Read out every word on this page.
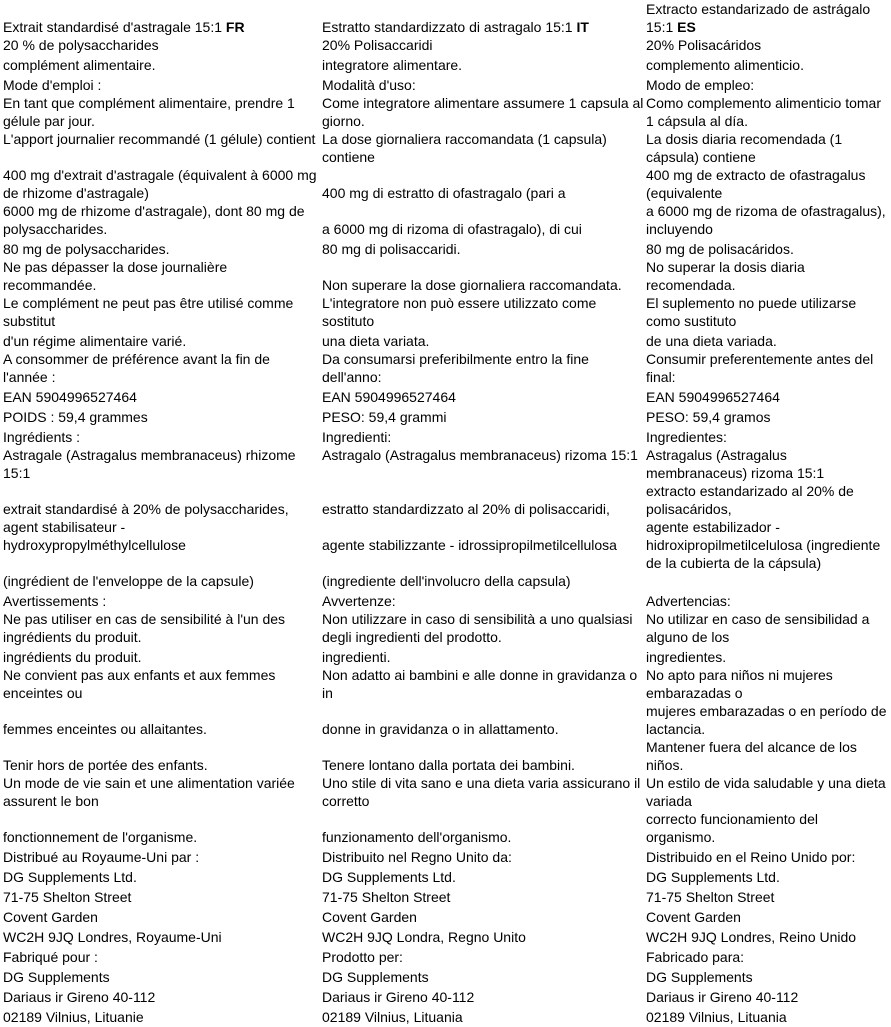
Extrait standardisé d'astragale 15:1 FR
20 % de polysaccharides
complément alimentaire.
Mode d'emploi :
En tant que complément alimentaire, prendre 1 gélule par jour.
L'apport journalier recommandé (1 gélule) contient
400 mg d'extrait d'astragale (équivalent à 6000 mg de rhizome d'astragale)
6000 mg de rhizome d'astragale), dont 80 mg de polysaccharides.
80 mg de polysaccharides.
Ne pas dépasser la dose journalière recommandée.
Le complément ne peut pas être utilisé comme substitut
d'un régime alimentaire varié.
A consommer de préférence avant la fin de l'année :
EAN 5904996527464
POIDS : 59,4 grammes
Ingrédients :
Astragale (Astragalus membranaceus) rhizome 15:1
extrait standardisé à 20% de polysaccharides, agent stabilisateur -
hydroxypropylméthylcellulose
(ingrédient de l'enveloppe de la capsule)
Avertissements :
Ne pas utiliser en cas de sensibilité à l'un des ingrédients du produit.
ingrédients du produit.
Ne convient pas aux enfants et aux femmes enceintes ou
femmes enceintes ou allaitantes.
Tenir hors de portée des enfants.
Un mode de vie sain et une alimentation variée assurent le bon
fonctionnement de l'organisme.
Distribué au Royaume-Uni par :
DG Supplements Ltd.
71-75 Shelton Street
Covent Garden
WC2H 9JQ Londres, Royaume-Uni
Fabriqué pour :
DG Supplements
Dariaus ir Gireno 40-112
02189 Vilnius, Lituanie
Estratto standardizzato di astragalo 15:1 IT
20% Polisaccaridi
integratore alimentare.
Modalità d'uso:
Come integratore alimentare assumere 1 capsula al giorno.
La dose giornaliera raccomandata (1 capsula) contiene
400 mg di estratto di ofastragalo (pari a
a 6000 mg di rizoma di ofastragalo), di cui
80 mg di polisaccaridi.
Non superare la dose giornaliera raccomandata.
L'integratore non può essere utilizzato come sostituto
una dieta variata.
Da consumarsi preferibilmente entro la fine dell'anno:
EAN 5904996527464
PESO: 59,4 grammi
Ingredienti:
Astragalo (Astragalus membranaceus) rizoma 15:1
estratto standardizzato al 20% di polisaccaridi,
agente stabilizzante - idrossipropilmetilcellulosa
(ingrediente dell'involucro della capsula)
Avvertenze:
Non utilizzare in caso di sensibilità a uno qualsiasi degli ingredienti del prodotto.
ingredienti.
Non adatto ai bambini e alle donne in gravidanza o in
donne in gravidanza o in allattamento.
Tenere lontano dalla portata dei bambini.
Uno stile di vita sano e una dieta varia assicurano il corretto
funzionamento dell'organismo.
Distribuito nel Regno Unito da:
DG Supplements Ltd.
71-75 Shelton Street
Covent Garden
WC2H 9JQ Londra, Regno Unito
Prodotto per:
DG Supplements
Dariaus ir Gireno 40-112
02189 Vilnius, Lituania
Extracto estandarizado de astrágalo 15:1 ES
20% Polisacáridos
complemento alimenticio.
Modo de empleo:
Como complemento alimenticio tomar 1 cápsula al día.
La dosis diaria recomendada (1 cápsula) contiene
400 mg de extracto de ofastragalus (equivalente
a 6000 mg de rizoma de ofastragalus), incluyendo
80 mg de polisacáridos.
No superar la dosis diaria recomendada.
El suplemento no puede utilizarse como sustituto
de una dieta variada.
Consumir preferentemente antes del final:
EAN 5904996527464
PESO: 59,4 gramos
Ingredientes:
Astragalus (Astragalus membranaceus) rizoma 15:1
extracto estandarizado al 20% de polisacáridos,
agente estabilizador -
hidroxipropilmetilcelulosa (ingrediente de la cubierta de la cápsula)
Advertencias:
No utilizar en caso de sensibilidad a alguno de los
ingredientes.
No apto para niños ni mujeres embarazadas o
mujeres embarazadas o en período de lactancia.
Mantener fuera del alcance de los niños.
Un estilo de vida saludable y una dieta variada
correcto funcionamiento del organismo.
Distribuido en el Reino Unido por:
DG Supplements Ltd.
71-75 Shelton Street
Covent Garden
WC2H 9JQ Londres, Reino Unido
Fabricado para:
DG Supplements
Dariaus ir Gireno 40-112
02189 Vilnius, Lituania
